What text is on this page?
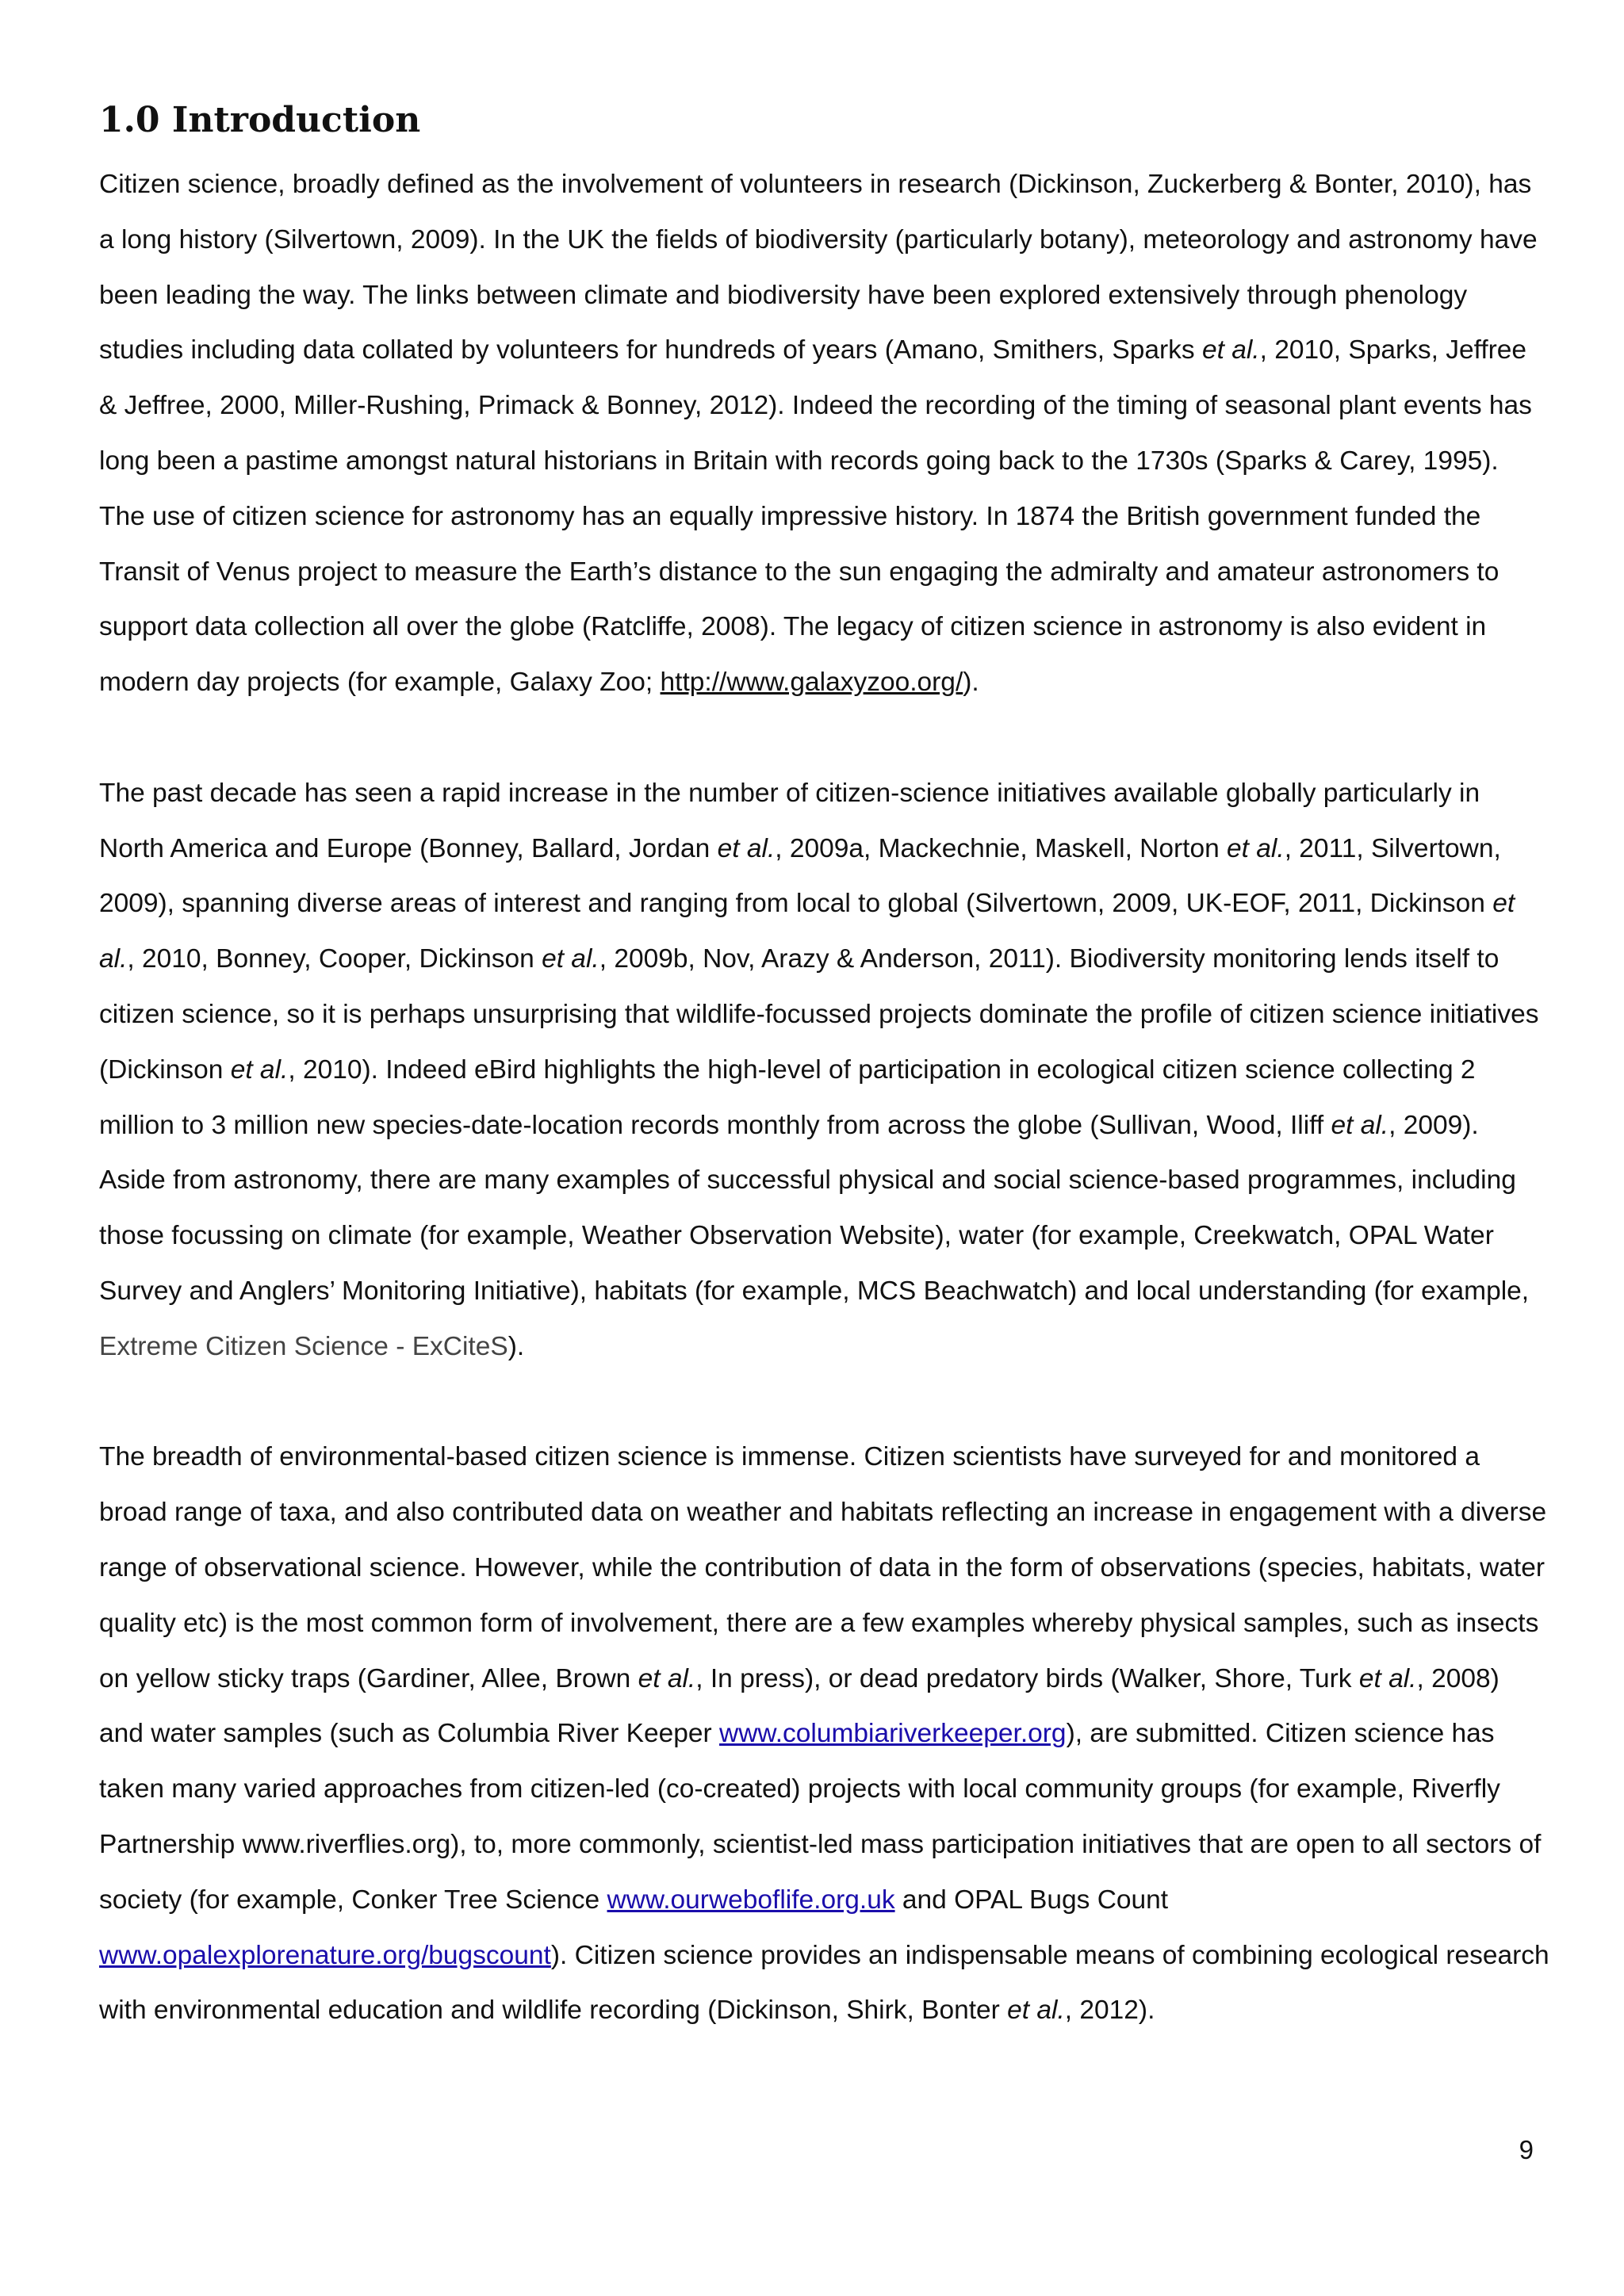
1.0 Introduction

Citizen science, broadly defined as the involvement of volunteers in research (Dickinson, Zuckerberg & Bonter, 2010), has a long history (Silvertown, 2009). In the UK the fields of biodiversity (particularly botany), meteorology and astronomy have been leading the way. The links between climate and biodiversity have been explored extensively through phenology studies including data collated by volunteers for hundreds of years (Amano, Smithers, Sparks et al., 2010, Sparks, Jeffree & Jeffree, 2000, Miller-Rushing, Primack & Bonney, 2012). Indeed the recording of the timing of seasonal plant events has long been a pastime amongst natural historians in Britain with records going back to the 1730s (Sparks & Carey, 1995). The use of citizen science for astronomy has an equally impressive history. In 1874 the British government funded the Transit of Venus project to measure the Earth’s distance to the sun engaging the admiralty and amateur astronomers to support data collection all over the globe (Ratcliffe, 2008). The legacy of citizen science in astronomy is also evident in modern day projects (for example, Galaxy Zoo; http://www.galaxyzoo.org/).

The past decade has seen a rapid increase in the number of citizen-science initiatives available globally particularly in North America and Europe (Bonney, Ballard, Jordan et al., 2009a, Mackechnie, Maskell, Norton et al., 2011, Silvertown, 2009), spanning diverse areas of interest and ranging from local to global (Silvertown, 2009, UK-EOF, 2011, Dickinson et al., 2010, Bonney, Cooper, Dickinson et al., 2009b, Nov, Arazy & Anderson, 2011). Biodiversity monitoring lends itself to citizen science, so it is perhaps unsurprising that wildlife-focussed projects dominate the profile of citizen science initiatives (Dickinson et al., 2010). Indeed eBird highlights the high-level of participation in ecological citizen science collecting 2 million to 3 million new species-date-location records monthly from across the globe (Sullivan, Wood, Iliff et al., 2009). Aside from astronomy, there are many examples of successful physical and social science-based programmes, including those focussing on climate (for example, Weather Observation Website), water (for example, Creekwatch, OPAL Water Survey and Anglers’ Monitoring Initiative), habitats (for example, MCS Beachwatch) and local understanding (for example, Extreme Citizen Science - ExCiteS).

The breadth of environmental-based citizen science is immense. Citizen scientists have surveyed for and monitored a broad range of taxa, and also contributed data on weather and habitats reflecting an increase in engagement with a diverse range of observational science. However, while the contribution of data in the form of observations (species, habitats, water quality etc) is the most common form of involvement, there are a few examples whereby physical samples, such as insects on yellow sticky traps (Gardiner, Allee, Brown et al., In press), or dead predatory birds (Walker, Shore, Turk et al., 2008) and water samples (such as Columbia River Keeper www.columbiariverkeeper.org), are submitted. Citizen science has taken many varied approaches from citizen-led (co-created) projects with local community groups (for example, Riverfly Partnership www.riverflies.org), to, more commonly, scientist-led mass participation initiatives that are open to all sectors of society (for example, Conker Tree Science www.ourweboflife.org.uk and OPAL Bugs Count www.opalexplorenature.org/bugscount). Citizen science provides an indispensable means of combining ecological research with environmental education and wildlife recording (Dickinson, Shirk, Bonter et al., 2012).

9
